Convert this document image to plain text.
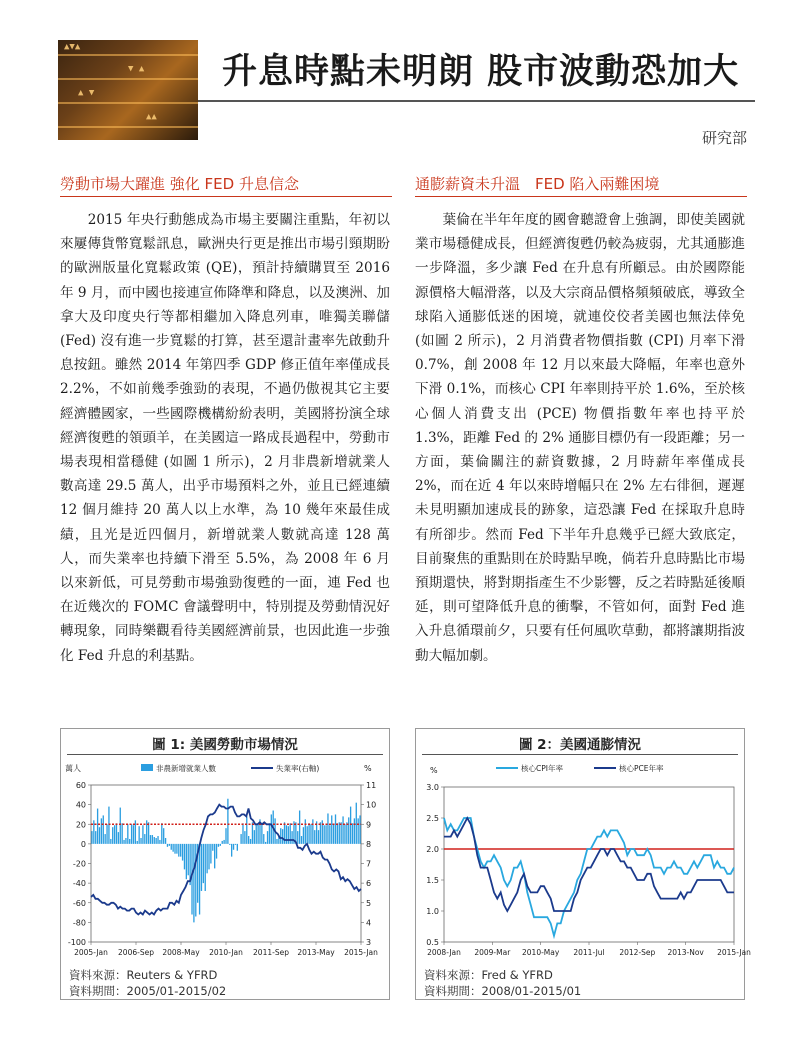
▲▼▲
▼ ▲
▲ ▼
▲▲
升息時點未明朗 股市波動恐加大
研究部
勞動市場大躍進 強化 FED 升息信念
　　2015 年央行動態成為市場主要關注重點，年初以來屢傳貨幣寬鬆訊息，歐洲央行更是推出市場引頸期盼的歐洲版量化寬鬆政策 (QE)，預計持續購買至 2016 年 9 月，而中國也接連宣佈降準和降息，以及澳洲、加拿大及印度央行等都相繼加入降息列車，唯獨美聯儲 (Fed) 沒有進一步寬鬆的打算，甚至還計畫率先啟動升息按鈕。雖然 2014 年第四季 GDP 修正值年率僅成長 2.2%，不如前幾季強勁的表現，不過仍傲視其它主要經濟體國家，一些國際機構紛紛表明，美國將扮演全球經濟復甦的領頭羊，在美國這一路成長過程中，勞動市場表現相當穩健 (如圖 1 所示)，2 月非農新增就業人數高達 29.5 萬人，出乎市場預料之外，並且已經連續 12 個月維持 20 萬人以上水準，為 10 幾年來最佳成績，且光是近四個月，新增就業人數就高達 128 萬人，而失業率也持續下滑至 5.5%，為 2008 年 6 月以來新低，可見勞動市場強勁復甦的一面，連 Fed 也在近幾次的 FOMC 會議聲明中，特別提及勞動情況好轉現象，同時樂觀看待美國經濟前景，也因此進一步強化 Fed 升息的利基點。
通膨薪資未升溫　FED 陷入兩難困境
　　葉倫在半年年度的國會聽證會上強調，即使美國就業市場穩健成長，但經濟復甦仍較為疲弱，尤其通膨進一步降溫，多少讓 Fed 在升息有所顧忌。由於國際能源價格大幅滑落，以及大宗商品價格頻頻破底，導致全球陷入通膨低迷的困境，就連佼佼者美國也無法倖免 (如圖 2 所示)，2 月消費者物價指數 (CPI) 月率下滑 0.7%，創 2008 年 12 月以來最大降幅，年率也意外下滑 0.1%，而核心 CPI 年率則持平於 1.6%，至於核心個人消費支出 (PCE) 物價指數年率也持平於 1.3%，距離 Fed 的 2% 通膨目標仍有一段距離；另一方面，葉倫關注的薪資數據，2 月時薪年率僅成長 2%，而在近 4 年以來時增幅只在 2% 左右徘徊，遲遲未見明顯加速成長的跡象，這恐讓 Fed 在採取升息時有所卻步。然而 Fed 下半年升息幾乎已經大致底定，目前聚焦的重點則在於時點早晚，倘若升息時點比市場預期還快，將對期指產生不少影響，反之若時點延後順延，則可望降低升息的衝擊，不管如何，面對 Fed 進入升息循環前夕，只要有任何風吹草動，都將讓期指波動大幅加劇。
圖 1: 美國勞動市場情況
萬人	%
非農新增就業人數	失業率(右軸)
60
40
20
0
-20
-40
-60
-80
-100
11
10
9
8
7
6
5
4
3
2005-Jan 2006-Sep 2008-May 2010-Jan 2011-Sep 2013-May 2015-Jan
資料來源：Reuters & YFRD
資料期間：2005/01-2015/02
圖 2：美國通膨情況
%	核心CPI年率	核心PCE年率
3.0
2.5
2.0
1.5
1.0
0.5
2008-Jan 2009-Mar 2010-May 2011-Jul 2012-Sep 2013-Nov 2015-Jan
資料來源：Fred & YFRD
資料期間：2008/01-2015/01
